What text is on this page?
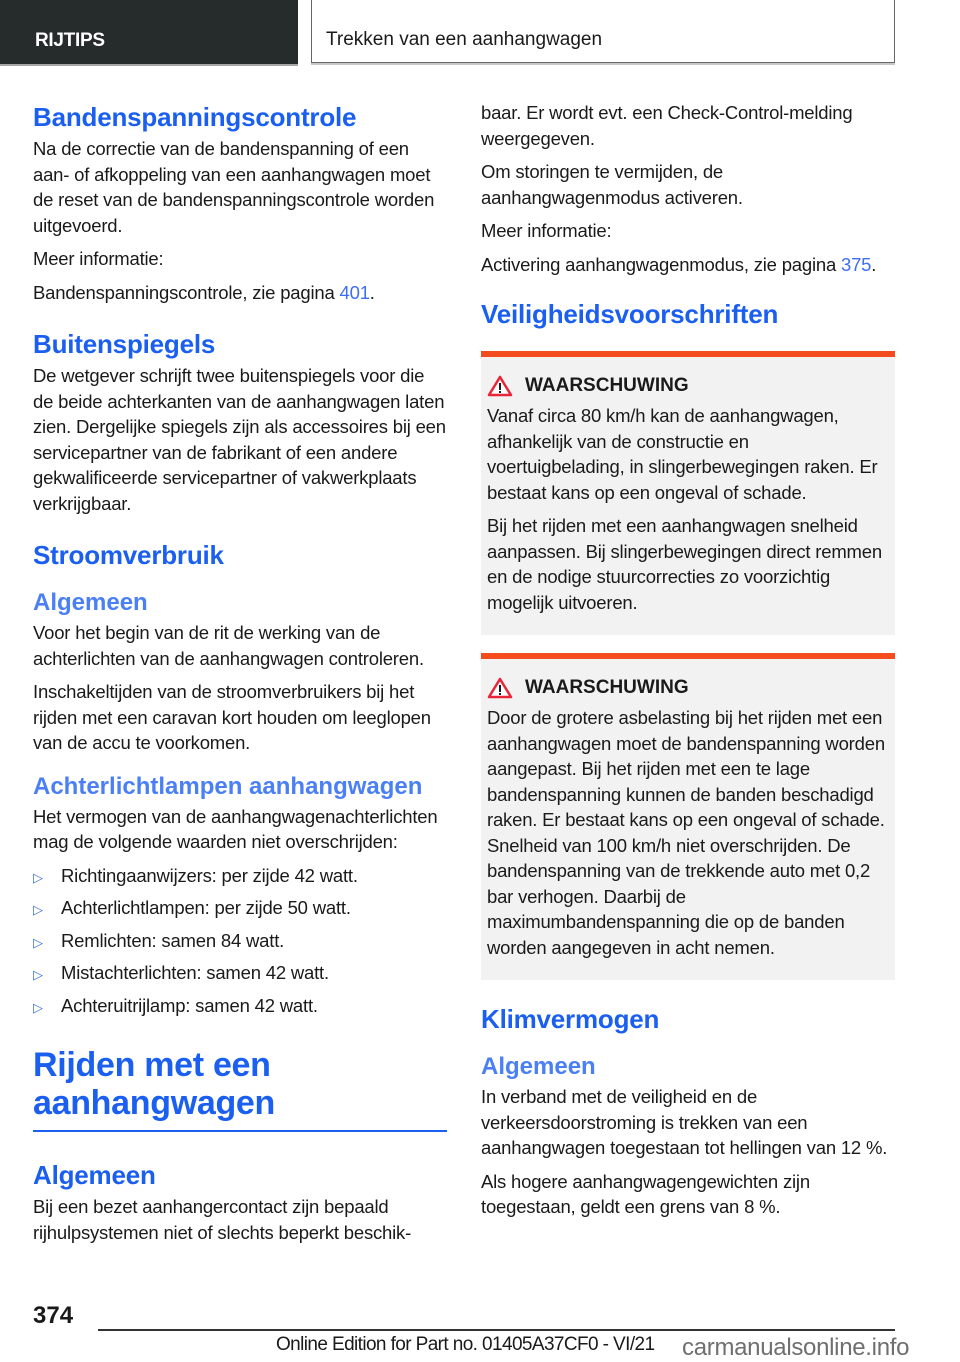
RIJTIPS	Trekken van een aanhangwagen
Bandenspanningscontrole

Na de correctie van de bandenspanning of een aan- of afkoppeling van een aanhangwagen moet de reset van de bandenspanningscontrole worden uitgevoerd.

Meer informatie:

Bandenspanningscontrole, zie pagina 401.

Buitenspiegels

De wetgever schrijft twee buitenspiegels voor die de beide achterkanten van de aanhangwagen laten zien. Dergelijke spiegels zijn als accessoires bij een servicepartner van de fabrikant of een andere gekwalificeerde servicepartner of vakwerkplaats verkrijgbaar.

Stroomverbruik
Algemeen

Voor het begin van de rit de werking van de achterlichten van de aanhangwagen controleren.

Inschakeltijden van de stroomverbruikers bij het rijden met een caravan kort houden om leeglopen van de accu te voorkomen.

Achterlichtlampen aanhangwagen

Het vermogen van de aanhangwagenachterlichten mag de volgende waarden niet overschrijden:

▷ Richtingaanwijzers: per zijde 42 watt.
▷ Achterlichtlampen: per zijde 50 watt.
▷ Remlichten: samen 84 watt.
▷ Mistachterlichten: samen 42 watt.
▷ Achteruitrijlamp: samen 42 watt.
Rijden met een aanhangwagen
Algemeen

Bij een bezet aanhangercontact zijn bepaald rijhulpsystemen niet of slechts beperkt beschik-

baar. Er wordt evt. een Check-Control-melding weergegeven.

Om storingen te vermijden, de aanhangwagenmodus activeren.

Meer informatie:

Activering aanhangwagenmodus, zie pagina 375.

Veiligheidsvoorschriften
WAARSCHUWING

Vanaf circa 80 km/h kan de aanhangwagen, afhankelijk van de constructie en voertuigbelading, in slingerbewegingen raken. Er bestaat kans op een ongeval of schade.

Bij het rijden met een aanhangwagen snelheid aanpassen. Bij slingerbewegingen direct remmen en de nodige stuurcorrecties zo voorzichtig mogelijk uitvoeren.

WAARSCHUWING

Door de grotere asbelasting bij het rijden met een aanhangwagen moet de bandenspanning worden aangepast. Bij het rijden met een te lage bandenspanning kunnen de banden beschadigd raken. Er bestaat kans op een ongeval of schade. Snelheid van 100 km/h niet overschrijden. De bandenspanning van de trekkende auto met 0,2 bar verhogen. Daarbij de maximumbandenspanning die op de banden worden aangegeven in acht nemen.

Klimvermogen
Algemeen

In verband met de veiligheid en de verkeersdoorstroming is trekken van een aanhangwagen toegestaan tot hellingen van 12 %.

Als hogere aanhangwagengewichten zijn toegestaan, geldt een grens van 8 %.

374
Online Edition for Part no. 01405A37CF0 - VI/21 carmanualsonline.info
